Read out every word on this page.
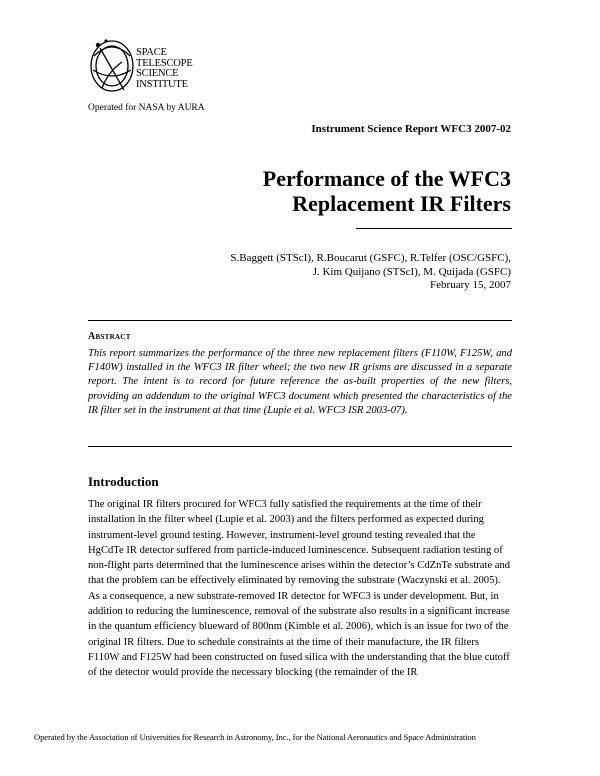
SPACE
TELESCOPE
SCIENCE
INSTITUTE
Operated for NASA by AURA
Instrument Science Report WFC3 2007-02
Performance of the WFC3
Replacement IR Filters
S.Baggett (STScI), R.Boucarut (GSFC), R.Telfer (OSC/GSFC),
J. Kim Quijano (STScI), M. Quijada (GSFC)
February 15, 2007
Abstract
This report summarizes the performance of the three new replacement filters (F110W, F125W, and F140W) installed in the WFC3 IR filter wheel; the two new IR grisms are discussed in a separate report. The intent is to record for future reference the as-built properties of the new filters, providing an addendum to the original WFC3 document which presented the characteristics of the IR filter set in the instrument at that time (Lupie et al. WFC3 ISR 2003-07).
Introduction

The original IR filters procured for WFC3 fully satisfied the requirements at the time of their installation in the filter wheel (Lupie et al. 2003) and the filters performed as expected during instrument-level ground testing. However, instrument-level ground testing revealed that the HgCdTe IR detector suffered from particle-induced luminescence. Subsequent radiation testing of non-flight parts determined that the luminescence arises within the detector’s CdZnTe substrate and that the problem can be effectively eliminated by removing the substrate (Waczynski et al. 2005). As a consequence, a new substrate-removed IR detector for WFC3 is under development. But, in addition to reducing the luminescence, removal of the substrate also results in a significant increase in the quantum efficiency blueward of 800nm (Kimble et al. 2006), which is an issue for two of the original IR filters. Due to schedule constraints at the time of their manufacture, the IR filters F110W and F125W had been constructed on fused silica with the understanding that the blue cutoff of the detector would provide the necessary blocking (the remainder of the IR

Operated by the Association of Universities for Research in Astronomy, Inc., for the National Aeronautics and Space Administration
